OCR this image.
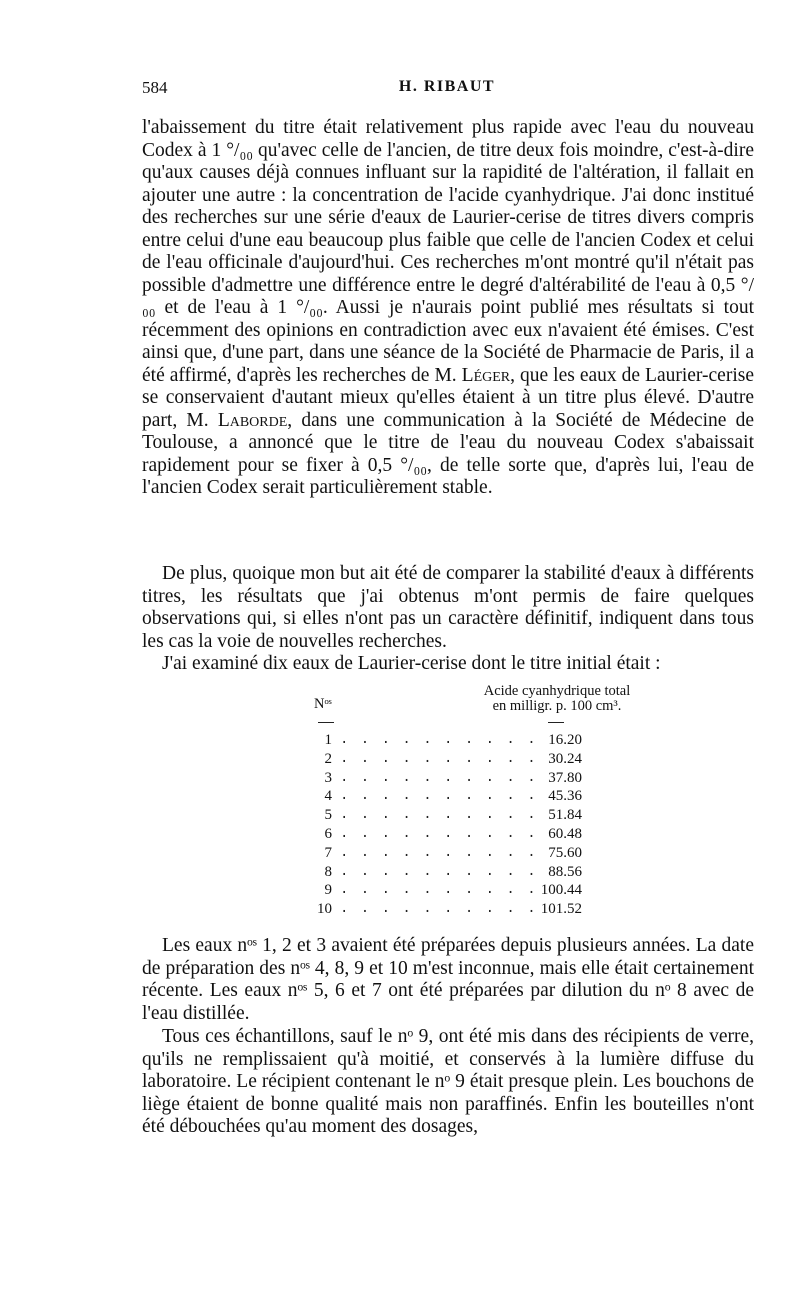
584	H. RIBAUT

l'abaissement du titre était relativement plus rapide avec l'eau du nouveau Codex à 1 °/₀₀ qu'avec celle de l'ancien, de titre deux fois moindre, c'est-à-dire qu'aux causes déjà connues influant sur la rapidité de l'altération, il fallait en ajouter une autre : la concentration de l'acide cyanhydrique. J'ai donc institué des recherches sur une série d'eaux de Laurier-cerise de titres divers compris entre celui d'une eau beaucoup plus faible que celle de l'ancien Codex et celui de l'eau officinale d'aujourd'hui. Ces recherches m'ont montré qu'il n'était pas possible d'admettre une différence entre le degré d'altérabilité de l'eau à 0,5 °/₀₀ et de l'eau à 1 °/₀₀. Aussi je n'aurais point publié mes résultats si tout récemment des opinions en contradiction avec eux n'avaient été émises. C'est ainsi que, d'une part, dans une séance de la Société de Pharmacie de Paris, il a été affirmé, d'après les recherches de M. Léger, que les eaux de Laurier-cerise se conservaient d'autant mieux qu'elles étaient à un titre plus élevé. D'autre part, M. Laborde, dans une communication à la Société de Médecine de Toulouse, a annoncé que le titre de l'eau du nouveau Codex s'abaissait rapidement pour se fixer à 0,5 °/₀₀, de telle sorte que, d'après lui, l'eau de l'ancien Codex serait particulièrement stable.

De plus, quoique mon but ait été de comparer la stabilité d'eaux à différents titres, les résultats que j'ai obtenus m'ont permis de faire quelques observations qui, si elles n'ont pas un caractère définitif, indiquent dans tous les cas la voie de nouvelles recherches.

J'ai examiné dix eaux de Laurier-cerise dont le titre initial était :

Nᵒˢ
Acide cyanhydrique total
en milligr. p. 100 cm³.
1 . . . . . . . . . . 16.20
2 . . . . . . . . . . 30.24
3 . . . . . . . . . . 37.80
4 . . . . . . . . . . 45.36
5 . . . . . . . . . . 51.84
6 . . . . . . . . . . 60.48
7 . . . . . . . . . . 75.60
8 . . . . . . . . . . 88.56
9 . . . . . . . . . . 100.44
10 . . . . . . . . . . 101.52

Les eaux nᵒˢ 1, 2 et 3 avaient été préparées depuis plusieurs années. La date de préparation des nᵒˢ 4, 8, 9 et 10 m'est inconnue, mais elle était certainement récente. Les eaux nᵒˢ 5, 6 et 7 ont été préparées par dilution du nᵒ 8 avec de l'eau distillée.

Tous ces échantillons, sauf le nᵒ 9, ont été mis dans des récipients de verre, qu'ils ne remplissaient qu'à moitié, et conservés à la lumière diffuse du laboratoire. Le récipient contenant le nᵒ 9 était presque plein. Les bouchons de liège étaient de bonne qualité mais non paraffinés. Enfin les bouteilles n'ont été débouchées qu'au moment des dosages,
